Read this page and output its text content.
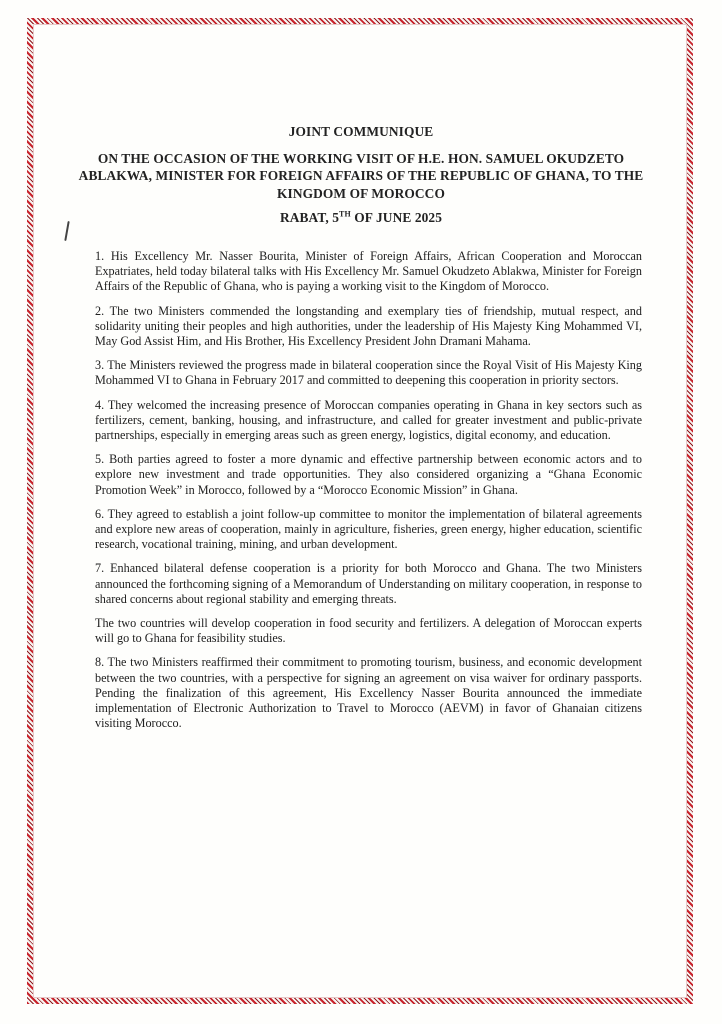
JOINT COMMUNIQUE
ON THE OCCASION OF THE WORKING VISIT OF H.E. HON. SAMUEL OKUDZETO ABLAKWA, MINISTER FOR FOREIGN AFFAIRS OF THE REPUBLIC OF GHANA, TO THE KINGDOM OF MOROCCO
RABAT, 5TH OF JUNE 2025

1. His Excellency Mr. Nasser Bourita, Minister of Foreign Affairs, African Cooperation and Moroccan Expatriates, held today bilateral talks with His Excellency Mr. Samuel Okudzeto Ablakwa, Minister for Foreign Affairs of the Republic of Ghana, who is paying a working visit to the Kingdom of Morocco.

2. The two Ministers commended the longstanding and exemplary ties of friendship, mutual respect, and solidarity uniting their peoples and high authorities, under the leadership of His Majesty King Mohammed VI, May God Assist Him, and His Brother, His Excellency President John Dramani Mahama.

3. The Ministers reviewed the progress made in bilateral cooperation since the Royal Visit of His Majesty King Mohammed VI to Ghana in February 2017 and committed to deepening this cooperation in priority sectors.

4. They welcomed the increasing presence of Moroccan companies operating in Ghana in key sectors such as fertilizers, cement, banking, housing, and infrastructure, and called for greater investment and public-private partnerships, especially in emerging areas such as green energy, logistics, digital economy, and education.

5. Both parties agreed to foster a more dynamic and effective partnership between economic actors and to explore new investment and trade opportunities. They also considered organizing a “Ghana Economic Promotion Week” in Morocco, followed by a “Morocco Economic Mission” in Ghana.

6. They agreed to establish a joint follow-up committee to monitor the implementation of bilateral agreements and explore new areas of cooperation, mainly in agriculture, fisheries, green energy, higher education, scientific research, vocational training, mining, and urban development.

7. Enhanced bilateral defense cooperation is a priority for both Morocco and Ghana. The two Ministers announced the forthcoming signing of a Memorandum of Understanding on military cooperation, in response to shared concerns about regional stability and emerging threats.

The two countries will develop cooperation in food security and fertilizers. A delegation of Moroccan experts will go to Ghana for feasibility studies.

8. The two Ministers reaffirmed their commitment to promoting tourism, business, and economic development between the two countries, with a perspective for signing an agreement on visa waiver for ordinary passports. Pending the finalization of this agreement, His Excellency Nasser Bourita announced the immediate implementation of Electronic Authorization to Travel to Morocco (AEVM) in favor of Ghanaian citizens visiting Morocco.
